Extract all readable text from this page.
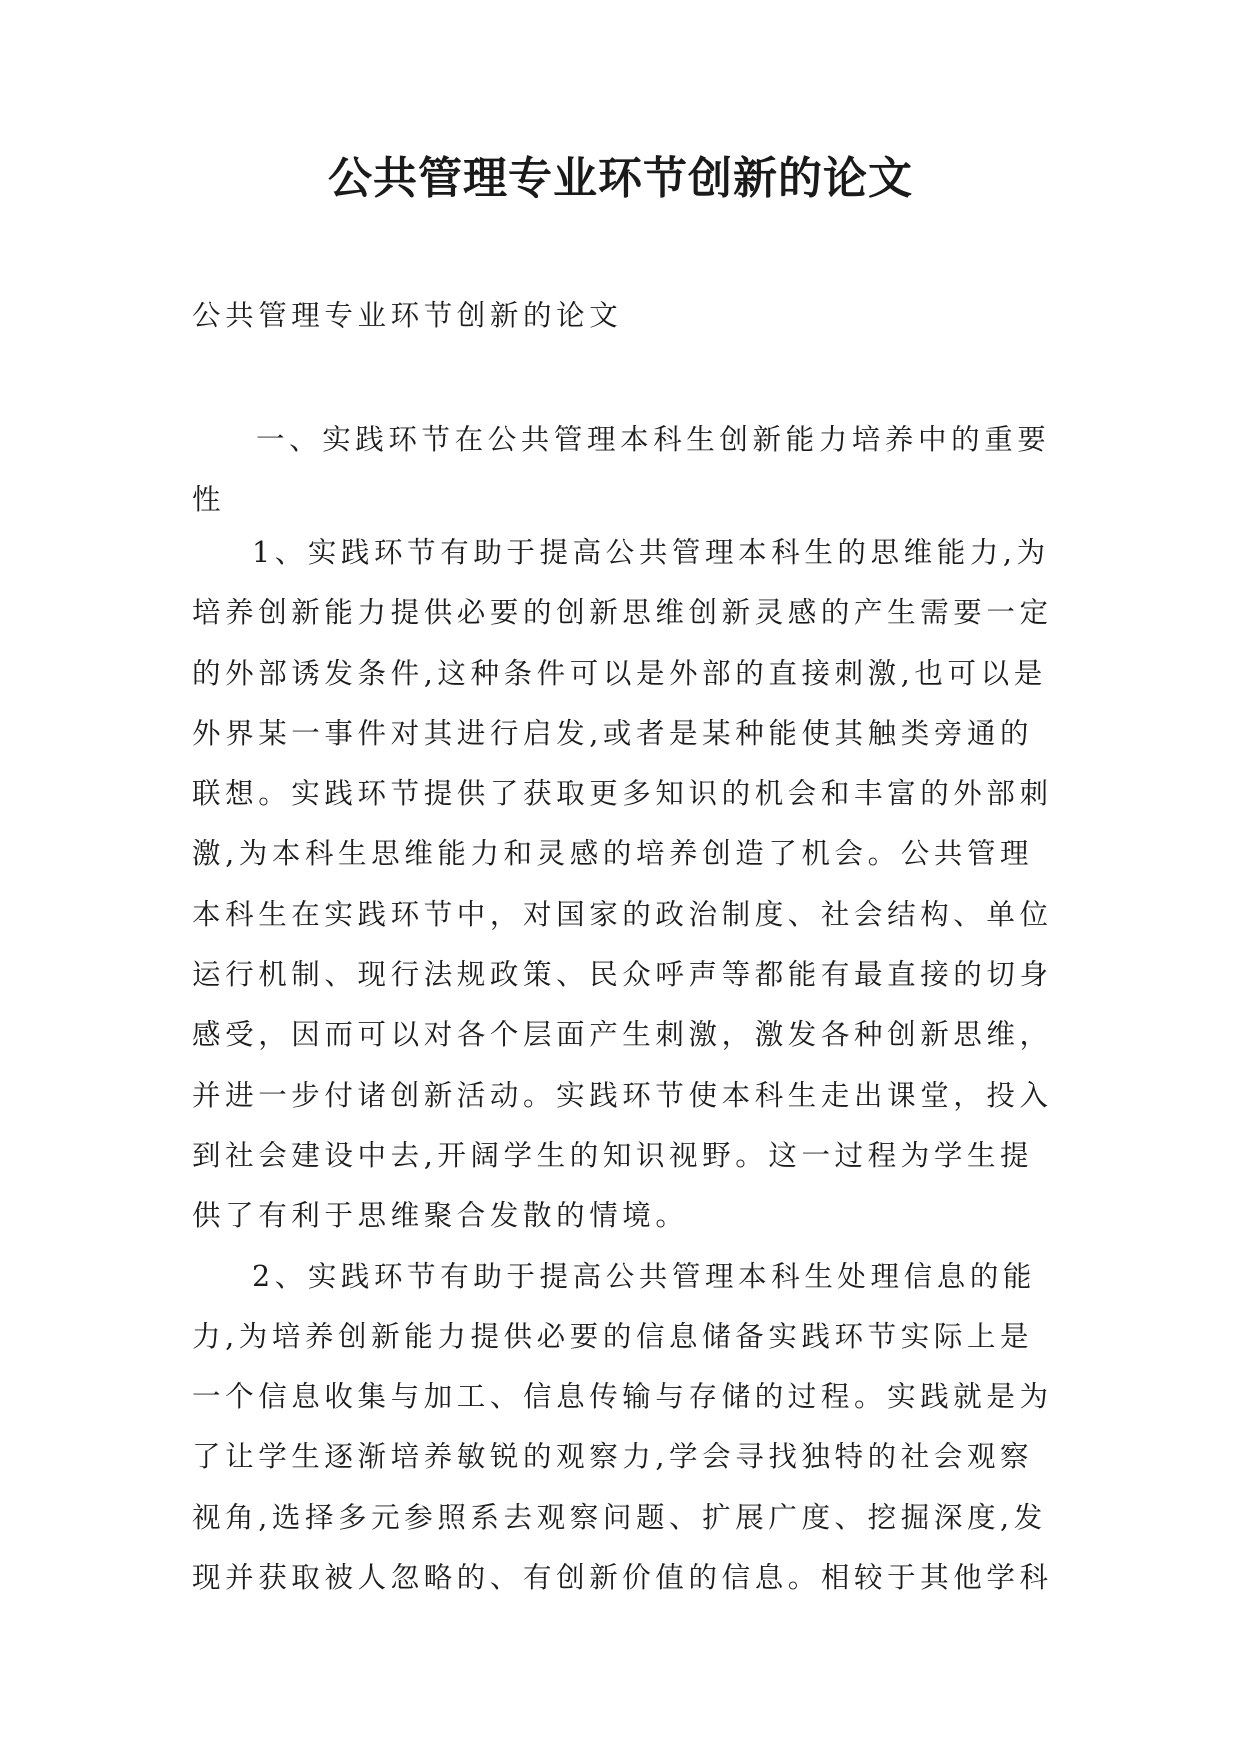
公共管理专业环节创新的论文

公共管理专业环节创新的论文

一、实践环节在公共管理本科生创新能力培养中的重要性

1、实践环节有助于提高公共管理本科生的思维能力,为培养创新能力提供必要的创新思维创新灵感的产生需要一定的外部诱发条件,这种条件可以是外部的直接刺激,也可以是外界某一事件对其进行启发,或者是某种能使其触类旁通的联想。实践环节提供了获取更多知识的机会和丰富的外部刺激,为本科生思维能力和灵感的培养创造了机会。公共管理本科生在实践环节中，对国家的政治制度、社会结构、单位运行机制、现行法规政策、民众呼声等都能有最直接的切身感受，因而可以对各个层面产生刺激，激发各种创新思维，并进一步付诸创新活动。实践环节使本科生走出课堂，投入到社会建设中去,开阔学生的知识视野。这一过程为学生提供了有利于思维聚合发散的情境。

2、实践环节有助于提高公共管理本科生处理信息的能力,为培养创新能力提供必要的信息储备实践环节实际上是一个信息收集与加工、信息传输与存储的过程。实践就是为了让学生逐渐培养敏锐的观察力,学会寻找独特的社会观察视角,选择多元参照系去观察问题、扩展广度、挖掘深度,发现并获取被人忽略的、有创新价值的信息。相较于其他学科
